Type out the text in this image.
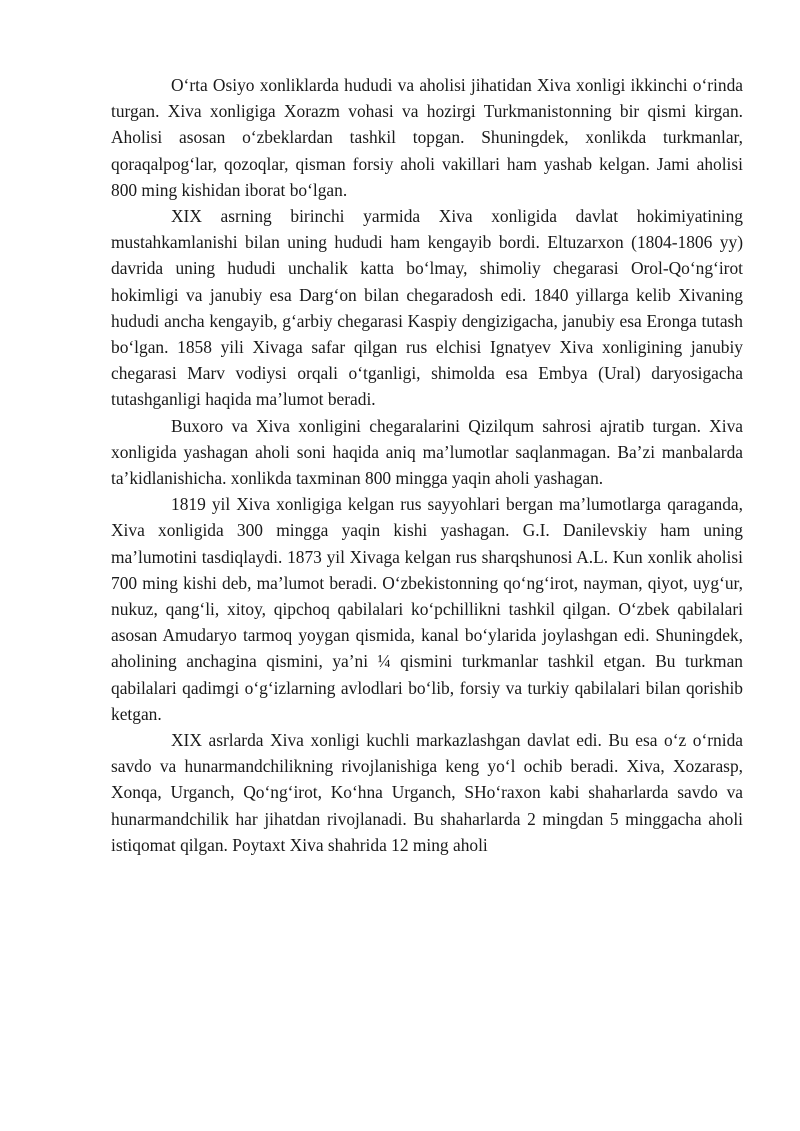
O‘rta Osiyo xonliklarda hududi va aholisi jihatidan Xiva xonligi ikkinchi o‘rinda turgan. Xiva xonligiga Xorazm vohasi va hozirgi Turkmanistonning bir qismi kirgan. Aholisi asosan o‘zbeklardan tashkil topgan. Shuningdek, xonlikda turkmanlar, qoraqalpog‘lar, qozoqlar, qisman forsiy aholi vakillari ham yashab kelgan. Jami aholisi 800 ming kishidan iborat bo‘lgan.

XIX asrning birinchi yarmida Xiva xonligida davlat hokimiyatining mustahkamlanishi bilan uning hududi ham kengayib bordi. Eltuzarxon (1804-1806 yy) davrida uning hududi unchalik katta bo‘lmay, shimoliy chegarasi Orol-Qo‘ng‘irot hokimligi va janubiy esa Darg‘on bilan chegaradosh edi. 1840 yillarga kelib Xivaning hududi ancha kengayib, g‘arbiy chegarasi Kaspiy dengizigacha, janubiy esa Eronga tutash bo‘lgan. 1858 yili Xivaga safar qilgan rus elchisi Ignatyev Xiva xonligining janubiy chegarasi Marv vodiysi orqali o‘tganligi, shimolda esa Embya (Ural) daryosigacha tutashganligi haqida ma’lumot beradi.

Buxoro va Xiva xonligini chegaralarini Qizilqum sahrosi ajratib turgan. Xiva xonligida yashagan aholi soni haqida aniq ma’lumotlar saqlanmagan. Ba’zi manbalarda ta’kidlanishicha. xonlikda taxminan 800 mingga yaqin aholi yashagan.

1819 yil Xiva xonligiga kelgan rus sayyohlari bergan ma’lumotlarga qaraganda, Xiva xonligida 300 mingga yaqin kishi yashagan. G.I. Danilevskiy ham uning ma’lumotini tasdiqlaydi. 1873 yil Xivaga kelgan rus sharqshunosi A.L. Kun xonlik aholisi 700 ming kishi deb, ma’lumot beradi. O‘zbekistonning qo‘ng‘irot, nayman, qiyot, uyg‘ur, nukuz, qang‘li, xitoy, qipchoq qabilalari ko‘pchillikni tashkil qilgan. O‘zbek qabilalari asosan Amudaryo tarmoq yoygan qismida, kanal bo‘ylarida joylashgan edi. Shuningdek, aholining anchagina qismini, ya’ni ¼ qismini turkmanlar tashkil etgan. Bu turkman qabilalari qadimgi o‘g‘izlarning avlodlari bo‘lib, forsiy va turkiy qabilalari bilan qorishib ketgan.

XIX asrlarda Xiva xonligi kuchli markazlashgan davlat edi. Bu esa o‘z o‘rnida savdo va hunarmandchilikning rivojlanishiga keng yo‘l ochib beradi. Xiva, Xozarasp, Xonqa, Urganch, Qo‘ng‘irot, Ko‘hna Urganch, SHo‘raxon kabi shaharlarda savdo va hunarmandchilik har jihatdan rivojlanadi. Bu shaharlarda 2 mingdan 5 minggacha aholi istiqomat qilgan. Poytaxt Xiva shahrida 12 ming aholi
